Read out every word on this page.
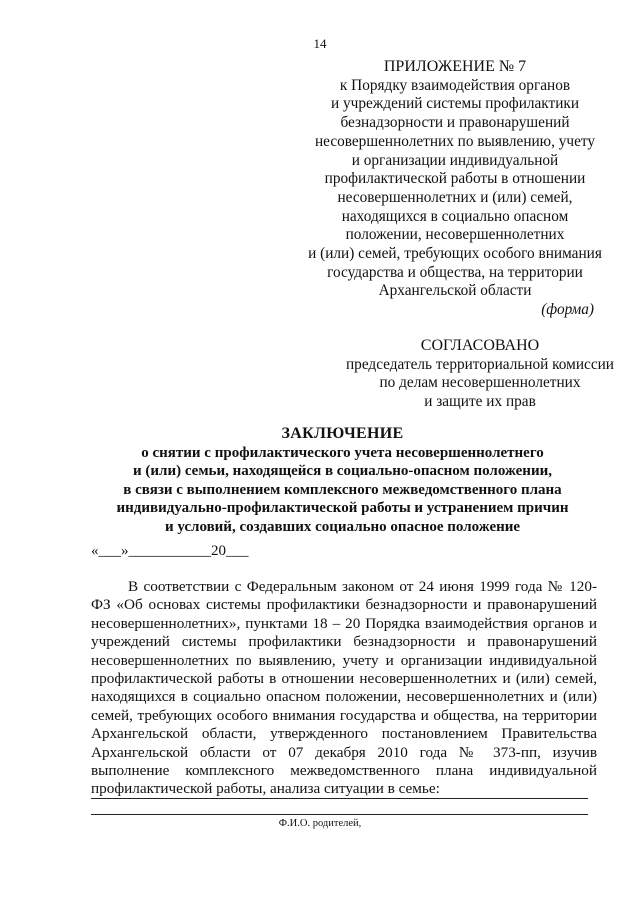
14
ПРИЛОЖЕНИЕ № 7
к Порядку взаимодействия органов
и учреждений системы профилактики
безнадзорности и правонарушений
несовершеннолетних по выявлению, учету
и организации индивидуальной
профилактической работы в отношении
несовершеннолетних и (или) семей,
находящихся в социально опасном
положении, несовершеннолетних
и (или) семей, требующих особого внимания
государства и общества, на территории
Архангельской области
(форма)
СОГЛАСОВАНО
председатель территориальной комиссии
по делам несовершеннолетних
и защите их прав
ЗАКЛЮЧЕНИЕ
о снятии с профилактического учета несовершеннолетнего
и (или) семьи, находящейся в социально-опасном положении,
в связи с выполнением комплексного межведомственного плана
индивидуально-профилактической работы и устранением причин
и условий, создавших социально опасное положение
«___»___________20___

В соответствии с Федеральным законом от 24 июня 1999 года № 120-ФЗ «Об основах системы профилактики безнадзорности и правонарушений несовершеннолетних», пунктами 18 – 20 Порядка взаимодействия органов и учреждений системы профилактики безнадзорности и правонарушений несовершеннолетних по выявлению, учету и организации индивидуальной профилактической работы в отношении несовершеннолетних и (или) семей, находящихся в социально опасном положении, несовершеннолетних и (или) семей, требующих особого внимания государства и общества, на территории Архангельской области, утвержденного постановлением Правительства Архангельской области от 07 декабря 2010 года № 373-пп, изучив выполнение комплексного межведомственного плана индивидуальной профилактической работы, анализа ситуации в семье:

Ф.И.О. родителей,
